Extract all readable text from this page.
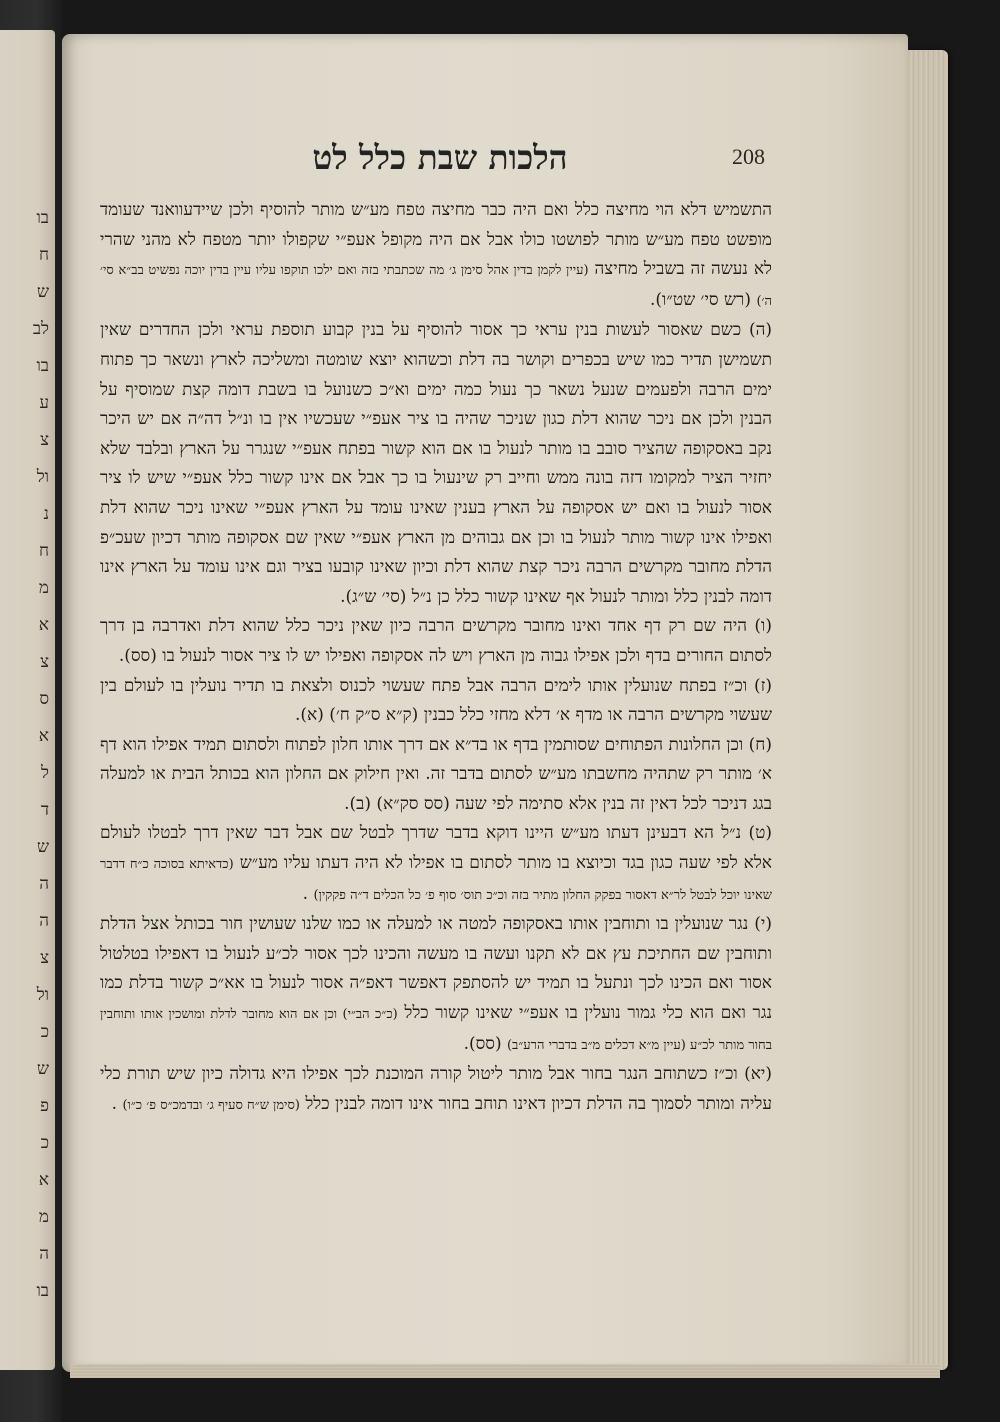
בו
ח
ש
לב
בו
ע
צ
ול
נ
ח
מ
א
צ
ס
א
ל
ד
ש
ה
ה
צ
ול
כ
ש
פ
כ
א
מ
ה
בו
הלכות שבת כלל לט	208

התשמיש דלא הוי מחיצה כלל ואם היה כבר מחיצה טפח מע״ש מותר להוסיף ולכן שיידעוואנד שעומד מופשט טפח מע״ש מותר לפושטו כולו אבל אם היה מקופל אעפ״י שקפולו יותר מטפח לא מהני שהרי לא נעשה זה בשביל מחיצה (עיין לקמן בדין אהל סימן ג׳ מה שכתבתי בזה ואם ילכו תוקפו עליו עיין בדין יוכה נפשיט בב״א סי׳ ה׳) (רש סי׳ שט״ו).

(ה) כשם שאסור לעשות בנין עראי כך אסור להוסיף על בנין קבוע תוספת עראי ולכן החדרים שאין תשמישן תדיר כמו שיש בכפרים וקושר בה דלת וכשהוא יוצא שומטה ומשליכה לארץ ונשאר כך פתוח ימים הרבה ולפעמים שנעל נשאר כך נעול כמה ימים וא״כ כשנועל בו בשבת דומה קצת שמוסיף על הבנין ולכן אם ניכר שהוא דלת כגון שניכר שהיה בו ציר אעפ״י שעכשיו אין בו ונ״ל דה״ה אם יש היכר נקב באסקופה שהציר סובב בו מותר לנעול בו אם הוא קשור בפתח אעפ״י שנגרר על הארץ ובלבד שלא יחזיר הציר למקומו דזה בונה ממש וחייב רק שינעול בו כך אבל אם אינו קשור כלל אעפ״י שיש לו ציר אסור לנעול בו ואם יש אסקופה על הארץ בענין שאינו עומד על הארץ אעפ״י שאינו ניכר שהוא דלת ואפילו אינו קשור מותר לנעול בו וכן אם גבוהים מן הארץ אעפ״י שאין שם אסקופה מותר דכיון שעכ״פ הדלת מחובר מקרשים הרבה ניכר קצת שהוא דלת וכיון שאינו קובעו בציר וגם אינו עומד על הארץ אינו דומה לבנין כלל ומותר לנעול אף שאינו קשור כלל כן נ״ל (סי׳ ש״ג).

(ו) היה שם רק דף אחד ואינו מחובר מקרשים הרבה כיון שאין ניכר כלל שהוא דלת ואדרבה בן דרך לסתום החורים בדף ולכן אפילו גבוה מן הארץ ויש לה אסקופה ואפילו יש לו ציר אסור לנעול בו (סס).

(ז) וכ״ז בפתח שנועלין אותו לימים הרבה אבל פתח שעשוי לכנוס ולצאת בו תדיר נועלין בו לעולם בין שעשוי מקרשים הרבה או מדף א׳ דלא מחזי כלל כבנין (ק״א ס״ק ח׳) (א).

(ח) וכן החלונות הפתוחים שסותמין בדף או בד״א אם דרך אותו חלון לפתוח ולסתום תמיד אפילו הוא דף א׳ מותר רק שתהיה מחשבתו מע״ש לסתום בדבר זה. ואין חילוק אם החלון הוא בכותל הבית או למעלה בגג דניכר לכל דאין זה בנין אלא סתימה לפי שעה (סס סק״א) (ב).

(ט) נ״ל הא דבעינן דעתו מע״ש היינו דוקא בדבר שדרך לבטל שם אבל דבר שאין דרך לבטלו לעולם אלא לפי שעה כגון בגד וכיוצא בו מותר לסתום בו אפילו לא היה דעתו עליו מע״ש (כדאיתא בסוכה כ״ח דדבר שאינו יוכל לבטל לר״א דאסור בפקק החלון מתיר בזה וכ״כ תוס׳ סוף פ׳ כל הכלים ד״ה פקקין) .

(י) נגר שנועלין בו ותוחבין אותו באסקופה למטה או למעלה או כמו שלנו שעושין חור בכותל אצל הדלת ותוחבין שם החתיכת עץ אם לא תקנו ועשה בו מעשה והכינו לכך אסור לכ״ע לנעול בו דאפילו בטלטול אסור ואם הכינו לכך ונתעל בו תמיד יש להסתפק דאפשר דאפ״ה אסור לנעול בו אא״כ קשור בדלת כמו נגר ואם הוא כלי גמור נועלין בו אעפ״י שאינו קשור כלל (כ״כ הב״י) וכן אם הוא מחובר לדלת ומושכין אותו ותוחבין בחור מותר לכ״ע (עיין מ״א דכלים מ״ב בדברי הרע״ב) (סס).

(יא) וכ״ז כשתוחב הנגר בחור אבל מותר ליטול קורה המוכנת לכך אפילו היא גדולה כיון שיש תורת כלי עליה ומותר לסמוך בה הדלת דכיון דאינו תוחב בחור אינו דומה לבנין כלל (סימן ש״ח סעיף ג׳ ובדמכ״ס פ׳ כ״ו) .
